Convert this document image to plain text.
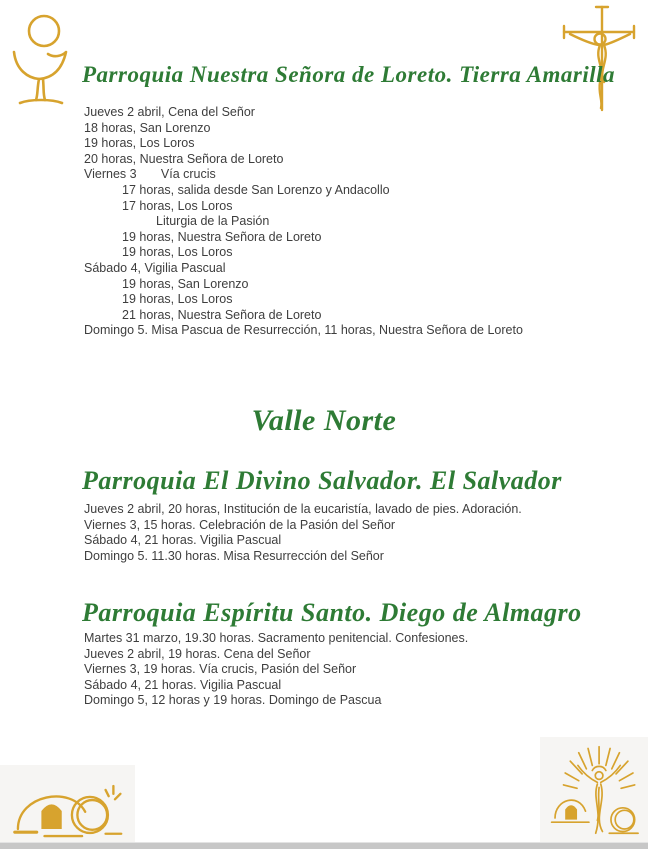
Parroquia Nuestra Señora de Loreto. Tierra Amarilla
Jueves 2 abril, Cena del Señor
18 horas, San Lorenzo
19 horas, Los Loros
20 horas, Nuestra Señora de Loreto
Viernes 3       Vía crucis
17 horas, salida desde San Lorenzo y Andacollo
17 horas, Los Loros
Liturgia de la Pasión
19 horas, Nuestra Señora de Loreto
19 horas, Los Loros
Sábado 4, Vigilia Pascual
19 horas, San Lorenzo
19 horas, Los Loros
21 horas, Nuestra Señora de Loreto
Domingo 5. Misa Pascua de Resurrección, 11 horas, Nuestra Señora de Loreto
Valle Norte
Parroquia El Divino Salvador. El Salvador
Jueves 2 abril, 20 horas, Institución de la eucaristía, lavado de pies. Adoración.
Viernes 3, 15 horas. Celebración de la Pasión del Señor
Sábado 4, 21 horas. Vigilia Pascual
Domingo 5. 11.30 horas. Misa Resurrección del Señor
Parroquia Espíritu Santo. Diego de Almagro
Martes 31 marzo, 19.30 horas. Sacramento penitencial. Confesiones.
Jueves 2 abril, 19 horas. Cena del Señor
Viernes 3, 19 horas. Vía crucis, Pasión del Señor
Sábado 4, 21 horas. Vigilia Pascual
Domingo 5, 12 horas y 19 horas. Domingo de Pascua
